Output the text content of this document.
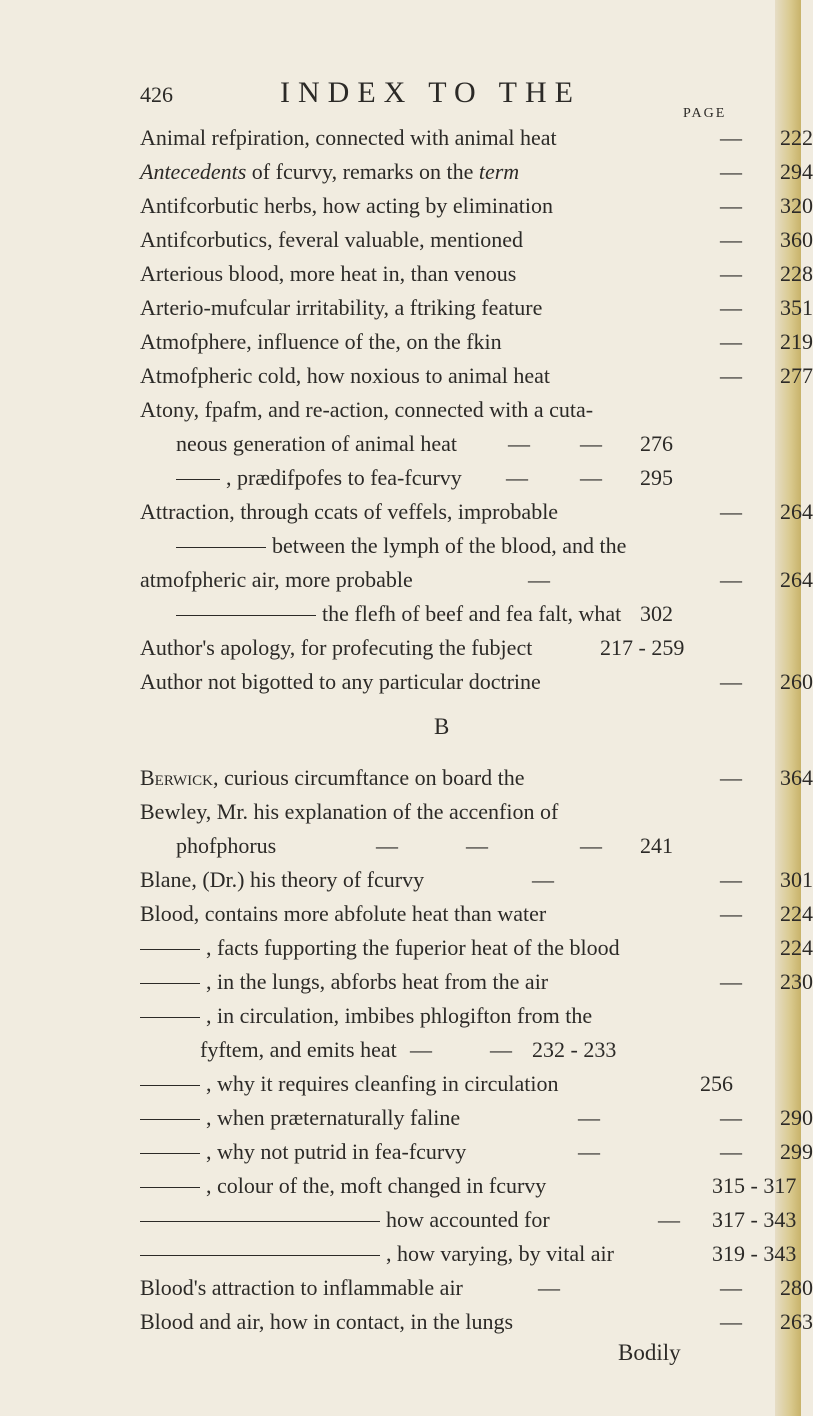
426	INDEX TO THE
PAGE
Animal refpiration, connected with animal heat	— 222
Antecedents of fcurvy, remarks on the term	— 294
Antifcorbutic herbs, how acting by elimination	— 320
Antifcorbutics, feveral valuable, mentioned	— 360
Arterious blood, more heat in, than venous	— 228
Arterio-mufcular irritability, a ftriking feature	— 351
Atmofphere, influence of the, on the fkin	— 219
Atmofpheric cold, how noxious to animal heat	— 277
Atony, fpafm, and re-action, connected with a cuta-
neous generation of animal heat — — 276
, prædifpofes to fea-fcurvy — — 295
Attraction, through ccats of veffels, improbable	— 264
between the lymph of the blood, and the
atmofpheric air, more probable	—	— 264
the flefh of beef and fea falt, what 302
Author's apology, for profecuting the fubject	217 - 259
Author not bigotted to any particular doctrine	— 260
B
Berwick, curious circumftance on board the	— 364
Bewley, Mr. his explanation of the accenfion of
phofphorus	—	—	— 241
Blane, (Dr.) his theory of fcurvy	—	— 301
Blood, contains more abfolute heat than water	— 224
, facts fupporting the fuperior heat of the blood	224
, in the lungs, abforbs heat from the air	— 230
, in circulation, imbibes phlogifton from the
fyftem, and emits heat —	— 232 - 233
, why it requires cleanfing in circulation	256
, when præternaturally faline	—	— 290
, why not putrid in fea-fcurvy	—	— 299
, colour of the, moft changed in fcurvy	315 - 317
how accounted for	— 317 - 343
, how varying, by vital air	319 - 343
Blood's attraction to inflammable air	—	— 280
Blood and air, how in contact, in the lungs	— 263
Bodily
